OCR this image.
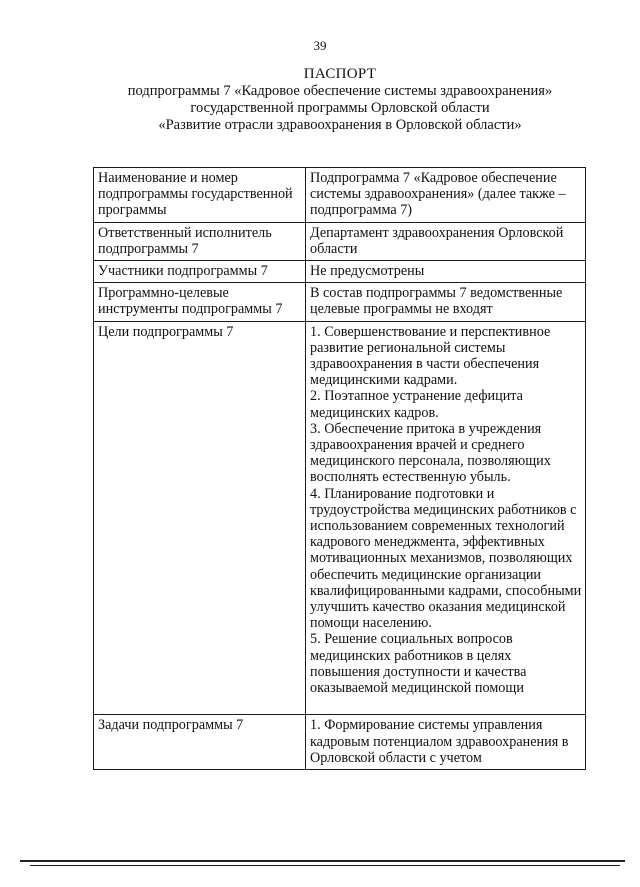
39
ПАСПОРТ
подпрограммы 7 «Кадровое обеспечение системы здравоохранения»
государственной программы Орловской области
«Развитие отрасли здравоохранения в Орловской области»
Наименование и номер подпрограммы государственной программы	Подпрограмма 7 «Кадровое обеспечение системы здравоохранения» (далее также – подпрограмма 7)
Ответственный исполнитель подпрограммы 7	Департамент здравоохранения Орловской области
Участники подпрограммы 7	Не предусмотрены
Программно-целевые инструменты подпрограммы 7	В состав подпрограммы 7 ведомственные целевые программы не входят
Цели подпрограммы 7	1. Совершенствование и перспективное развитие региональной системы здравоохранения в части обеспечения медицинскими кадрами.
2. Поэтапное устранение дефицита медицинских кадров.
3. Обеспечение притока в учреждения здравоохранения врачей и среднего медицинского персонала, позволяющих восполнять естественную убыль.
4. Планирование подготовки и трудоустройства медицинских работников с использованием современных технологий кадрового менеджмента, эффективных мотивационных механизмов, позволяющих обеспечить медицинские организации квалифицированными кадрами, способными улучшить качество оказания медицинской помощи населению.
5. Решение социальных вопросов медицинских работников в целях повышения доступности и качества оказываемой медицинской помощи

Задачи подпрограммы 7	1. Формирование системы управления кадровым потенциалом здравоохранения в Орловской области с учетом
